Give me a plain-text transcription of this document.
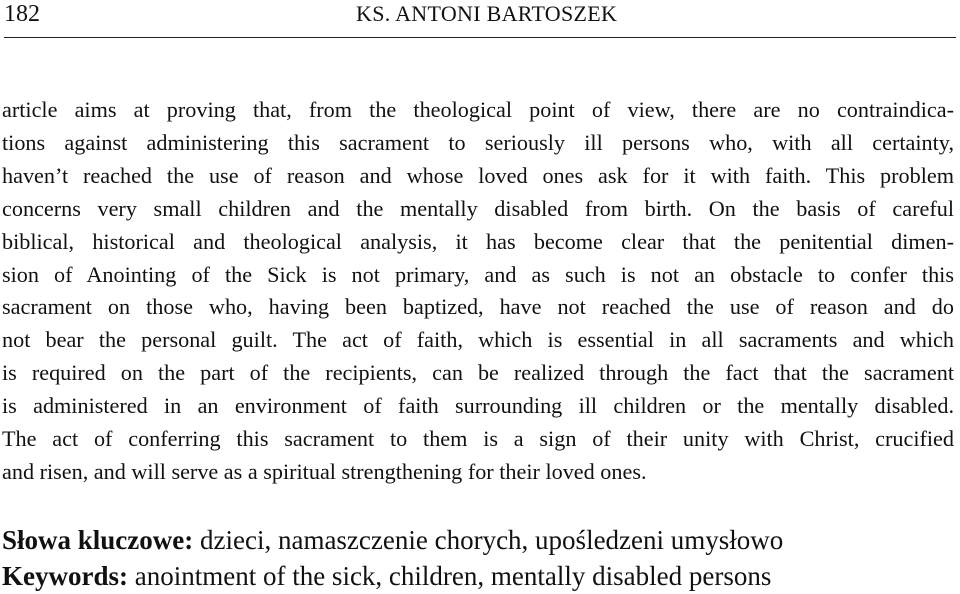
182	KS. ANTONI BARTOSZEK
article aims at proving that, from the theological point of view, there are no contraindica-
tions against administering this sacrament to seriously ill persons who, with all certainty,
haven’t reached the use of reason and whose loved ones ask for it with faith. This problem
concerns very small children and the mentally disabled from birth. On the basis of careful
biblical, historical and theological analysis, it has become clear that the penitential dimen-
sion of Anointing of the Sick is not primary, and as such is not an obstacle to confer this
sacrament on those who, having been baptized, have not reached the use of reason and do
not bear the personal guilt. The act of faith, which is essential in all sacraments and which
is required on the part of the recipients, can be realized through the fact that the sacrament
is administered in an environment of faith surrounding ill children or the mentally disabled.
The act of conferring this sacrament to them is a sign of their unity with Christ, crucified
and risen, and will serve as a spiritual strengthening for their loved ones.
Słowa kluczowe: dzieci, namaszczenie chorych, upośledzeni umysłowo
Keywords: anointment of the sick, children, mentally disabled persons
